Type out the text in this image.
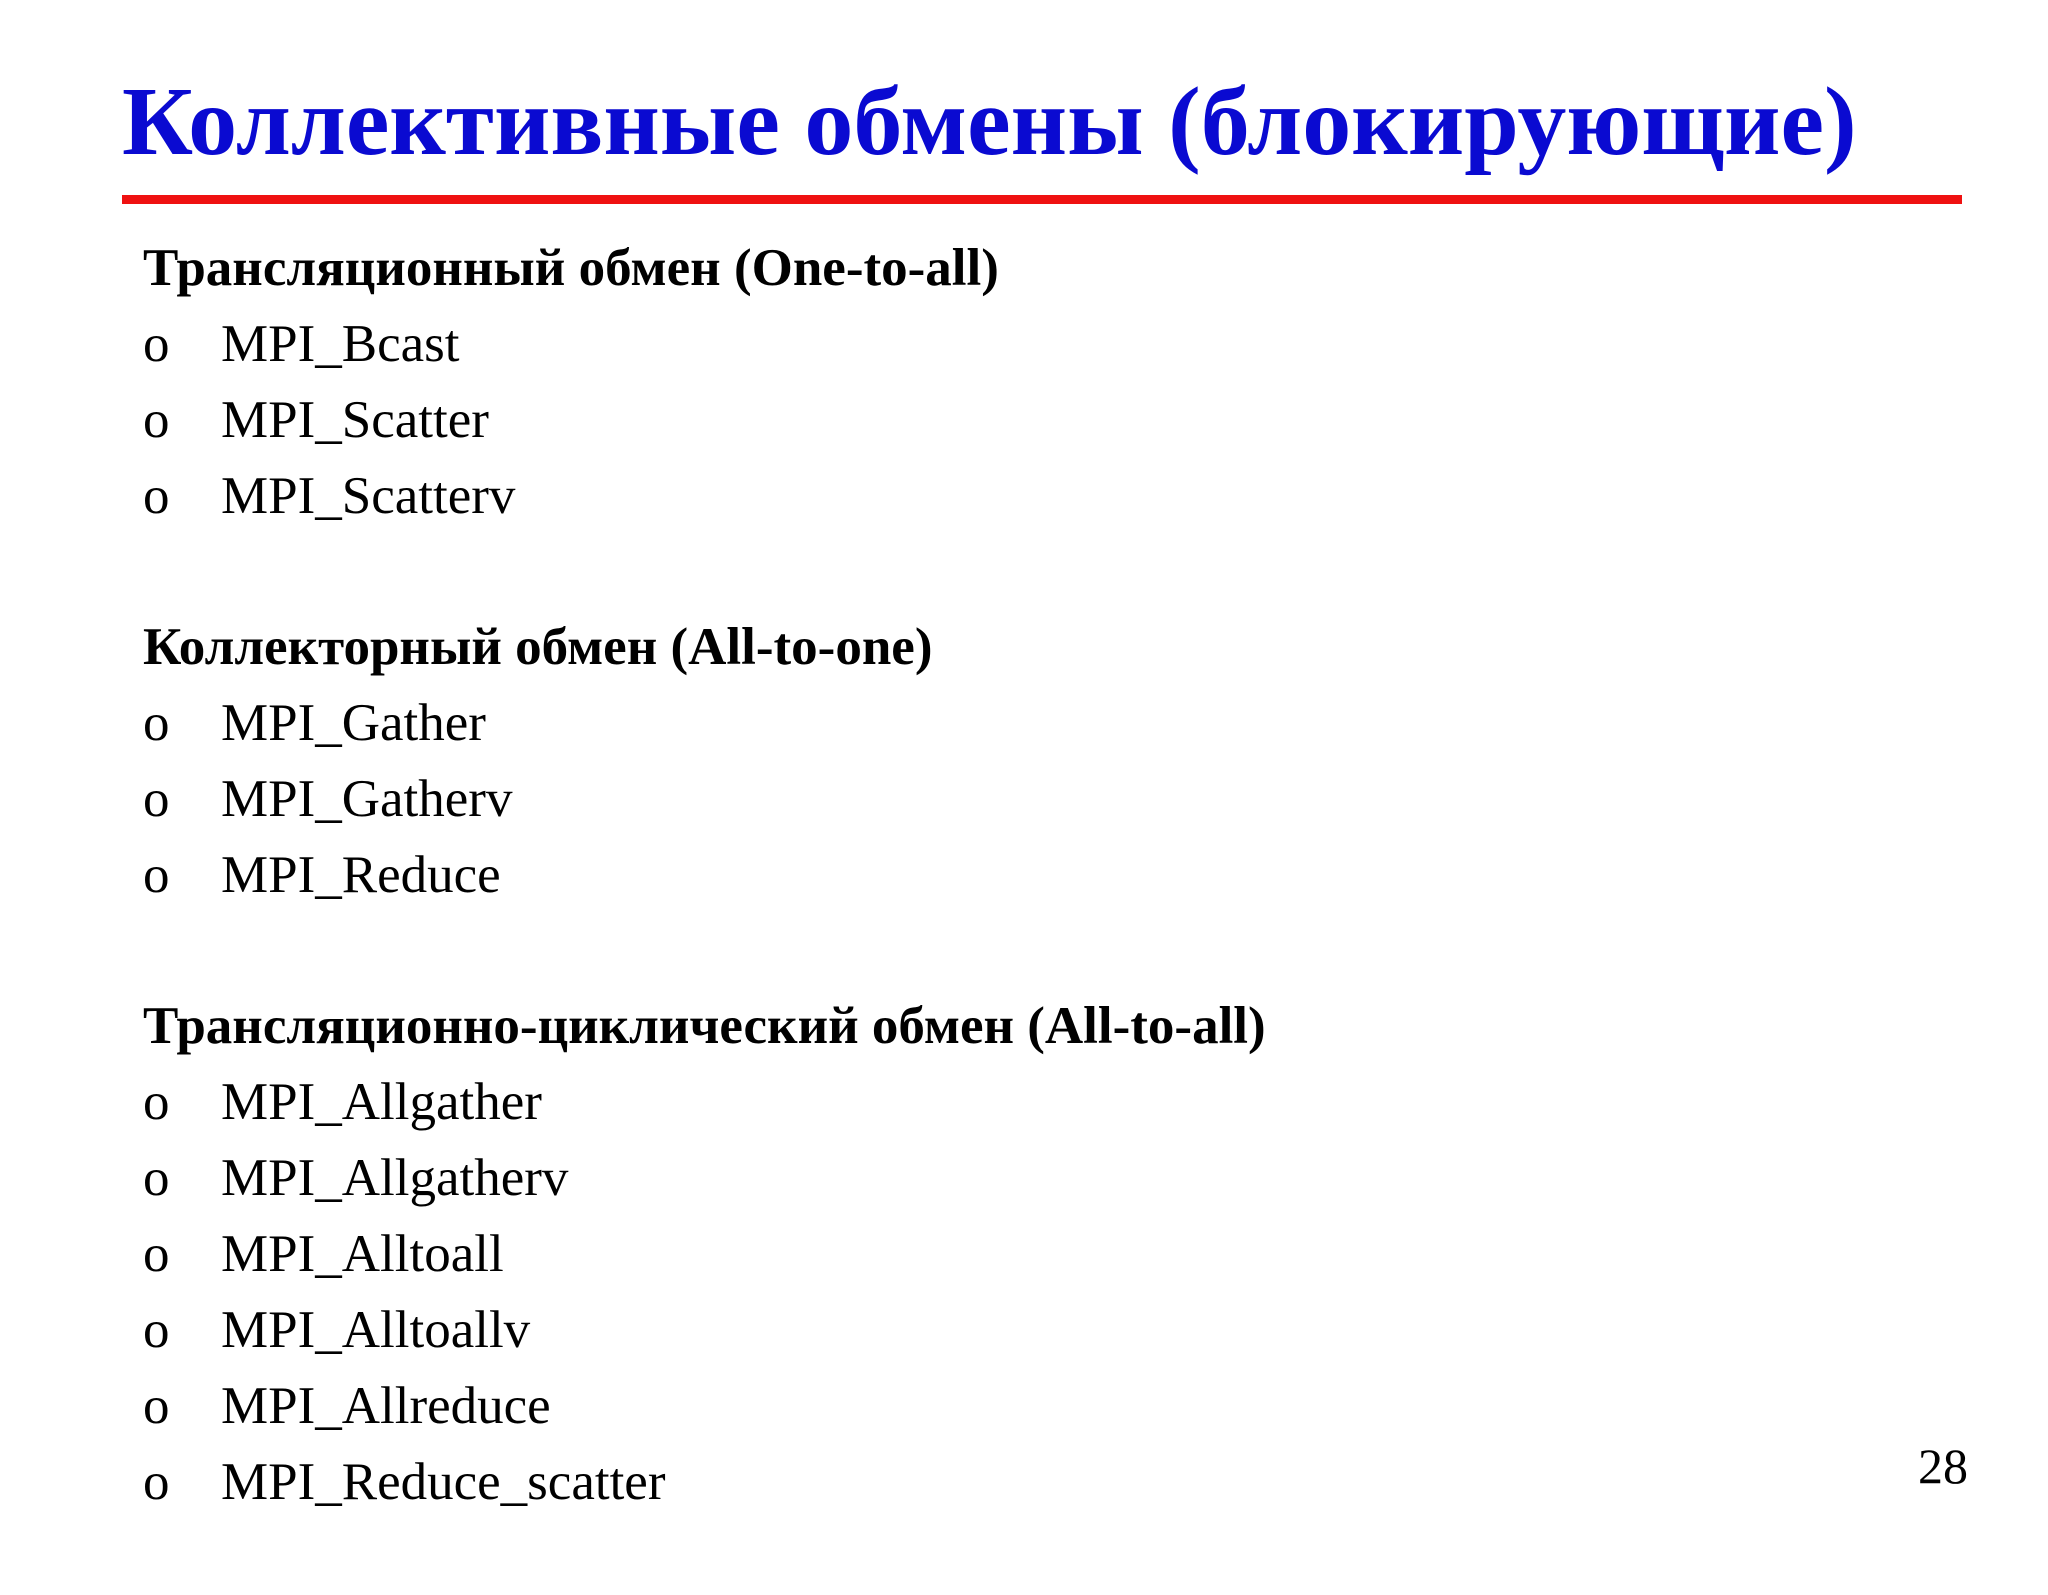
Коллективные обмены (блокирующие)
Трансляционный обмен (One-to-all)
o MPI_Bcast
o MPI_Scatter
o MPI_Scatterv
Коллекторный обмен (All-to-one)
o MPI_Gather
o MPI_Gatherv
o MPI_Reduce
Трансляционно-циклический обмен (All-to-all)
o MPI_Allgather
o MPI_Allgatherv
o MPI_Alltoall
o MPI_Alltoallv
o MPI_Allreduce
o MPI_Reduce_scatter	28
